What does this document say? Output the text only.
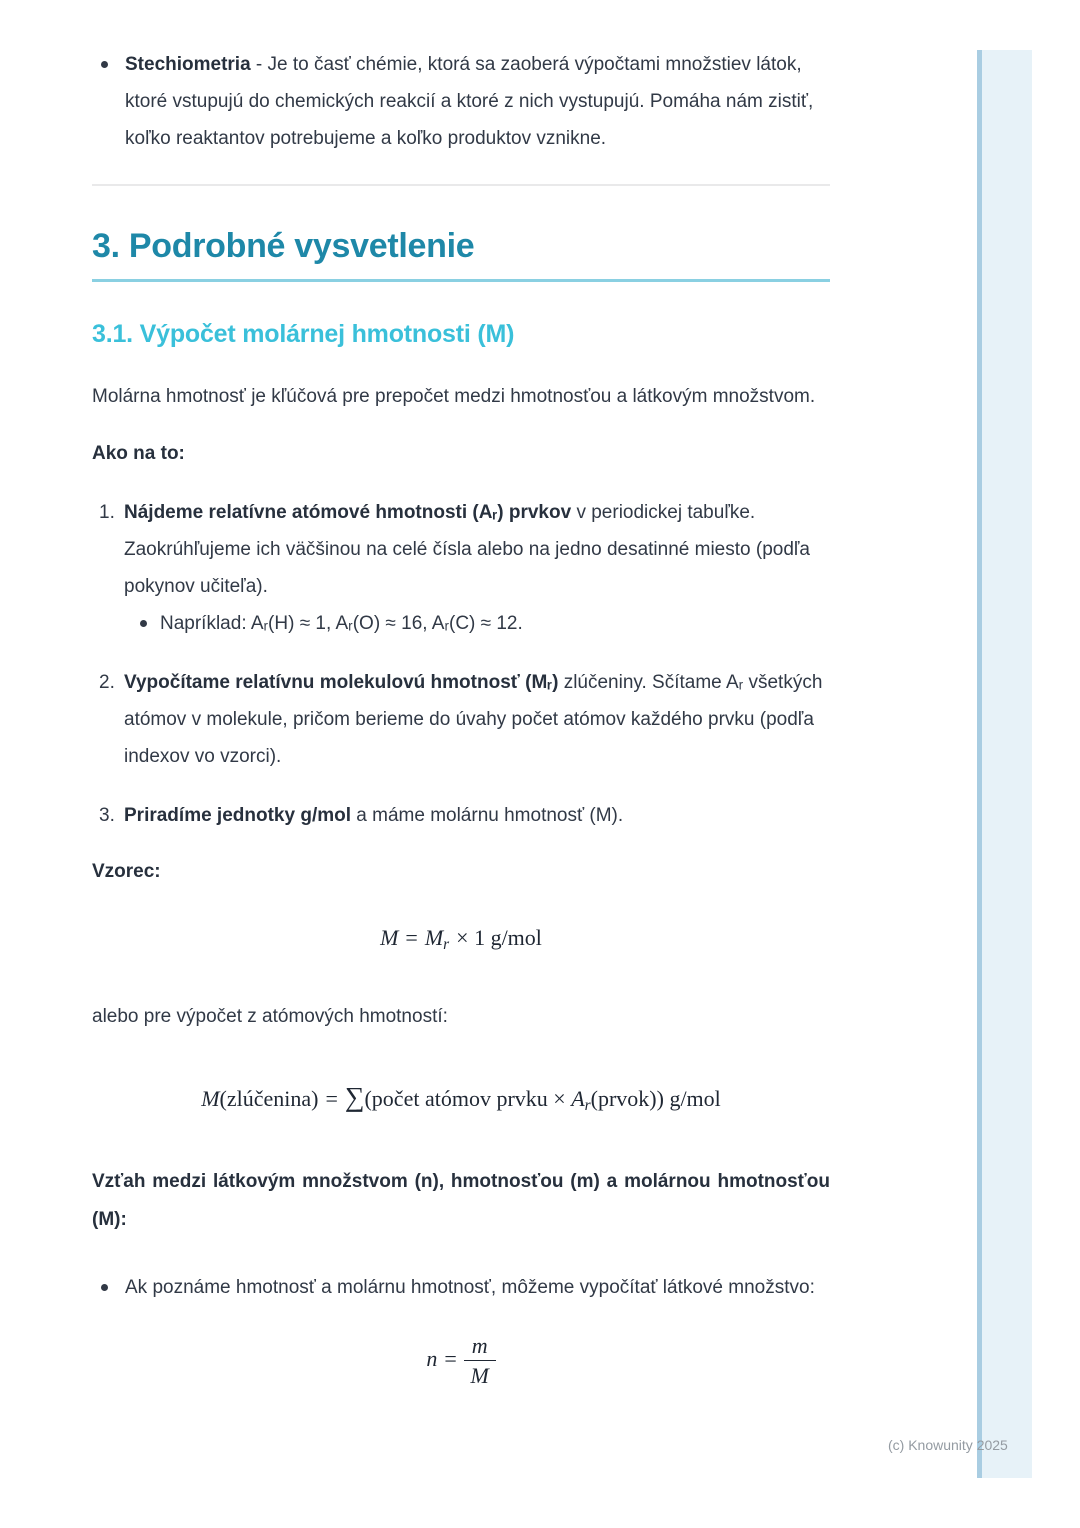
Stechiometria - Je to časť chémie, ktorá sa zaoberá výpočtami množstiev látok, ktoré vstupujú do chemických reakcií a ktoré z nich vystupujú. Pomáha nám zistiť, koľko reaktantov potrebujeme a koľko produktov vznikne.
3. Podrobné vysvetlenie
3.1. Výpočet molárnej hmotnosti (M)

Molárna hmotnosť je kľúčová pre prepočet medzi hmotnosťou a látkovým množstvom.

Ako na to:

1. Nájdeme relatívne atómové hmotnosti (Aᵣ) prvkov v periodickej tabuľke. Zaokrúhľujeme ich väčšinou na celé čísla alebo na jedno desatinné miesto (podľa pokynov učiteľa).
Napríklad: Aᵣ(H) ≈ 1, Aᵣ(O) ≈ 16, Aᵣ(C) ≈ 12.
2. Vypočítame relatívnu molekulovú hmotnosť (Mᵣ) zlúčeniny. Sčítame Aᵣ všetkých atómov v molekule, pričom berieme do úvahy počet atómov každého prvku (podľa indexov vo vzorci).
3. Priradíme jednotky g/mol a máme molárnu hmotnosť (M).

Vzorec:

$M = M_r \times 1$ g/mol

alebo pre výpočet z atómových hmotností:

M(zlúčenina) = ∑(počet atómov prvku × $A_r(prvok)$) g/mol

Vzťah medzi látkovým množstvom (n), hmotnosťou (m) a molárnou hmotnosťou (M):

Ak poznáme hmotnosť a molárnu hmotnosť, môžeme vypočítať látkové množstvo:
$n = \frac{m}{M}$
(c) Knowunity 2025
